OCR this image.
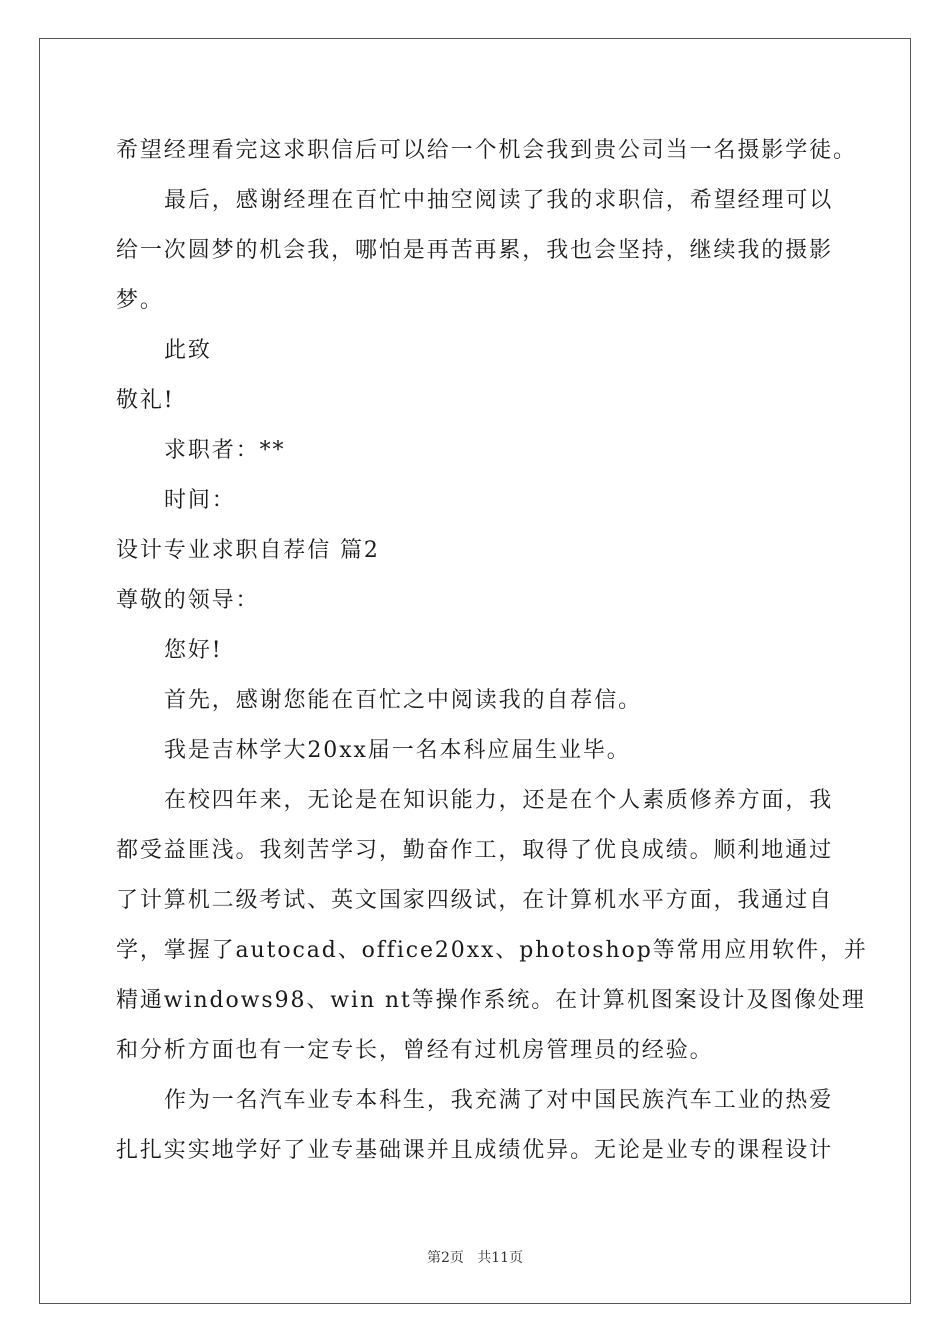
希望经理看完这求职信后可以给一个机会我到贵公司当一名摄影学徒。
最后，感谢经理在百忙中抽空阅读了我的求职信，希望经理可以
给一次圆梦的机会我，哪怕是再苦再累，我也会坚持，继续我的摄影
梦。
此致
敬礼!
求职者：**
时间：
设计专业求职自荐信 篇2
尊敬的领导：
您好!
首先，感谢您能在百忙之中阅读我的自荐信。
我是吉林学大20xx届一名本科应届生业毕。
在校四年来，无论是在知识能力，还是在个人素质修养方面，我
都受益匪浅。我刻苦学习，勤奋作工，取得了优良成绩。顺利地通过
了计算机二级考试、英文国家四级试，在计算机水平方面，我通过自
学，掌握了autocad、office20xx、photoshop等常用应用软件，并
精通windows98、win nt等操作系统。在计算机图案设计及图像处理
和分析方面也有一定专长，曾经有过机房管理员的经验。
作为一名汽车业专本科生，我充满了对中国民族汽车工业的热爱
扎扎实实地学好了业专基础课并且成绩优异。无论是业专的课程设计
第2页   共11页
